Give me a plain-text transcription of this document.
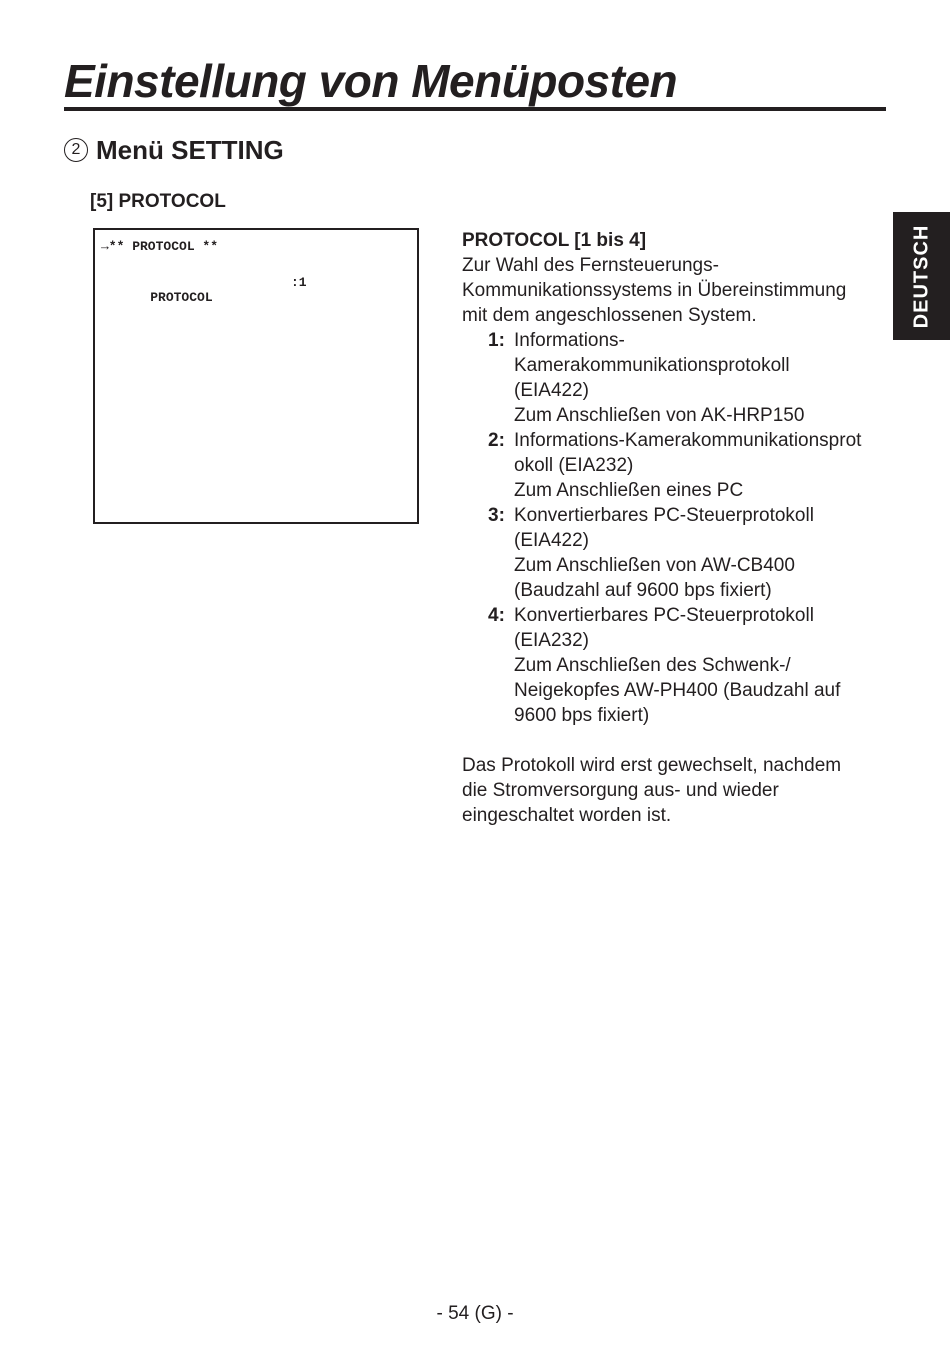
Einstellung von Menüposten
2 Menü SETTING
[5] PROTOCOL
→** PROTOCOL **

PROTOCOL

:1

	DEUTSCH
PROTOCOL [1 bis 4]
Zur Wahl des Fernsteuerungs-
Kommunikationssystems in Übereinstimmung
mit dem angeschlossenen System.
1: Informations-
Kamerakommunikationsprotokoll
(EIA422)
Zum Anschließen von AK-HRP150
2: Informations-Kamerakommunikationsprot
okoll (EIA232)
Zum Anschließen eines PC
3: Konvertierbares PC-Steuerprotokoll
(EIA422)
Zum Anschließen von AW-CB400
(Baudzahl auf 9600 bps fixiert)
4: Konvertierbares PC-Steuerprotokoll
(EIA232)
Zum Anschließen des Schwenk-/
Neigekopfes AW-PH400 (Baudzahl auf
9600 bps fixiert)
Das Protokoll wird erst gewechselt, nachdem
die Stromversorgung aus- und wieder
eingeschaltet worden ist.
- 54 (G) -
